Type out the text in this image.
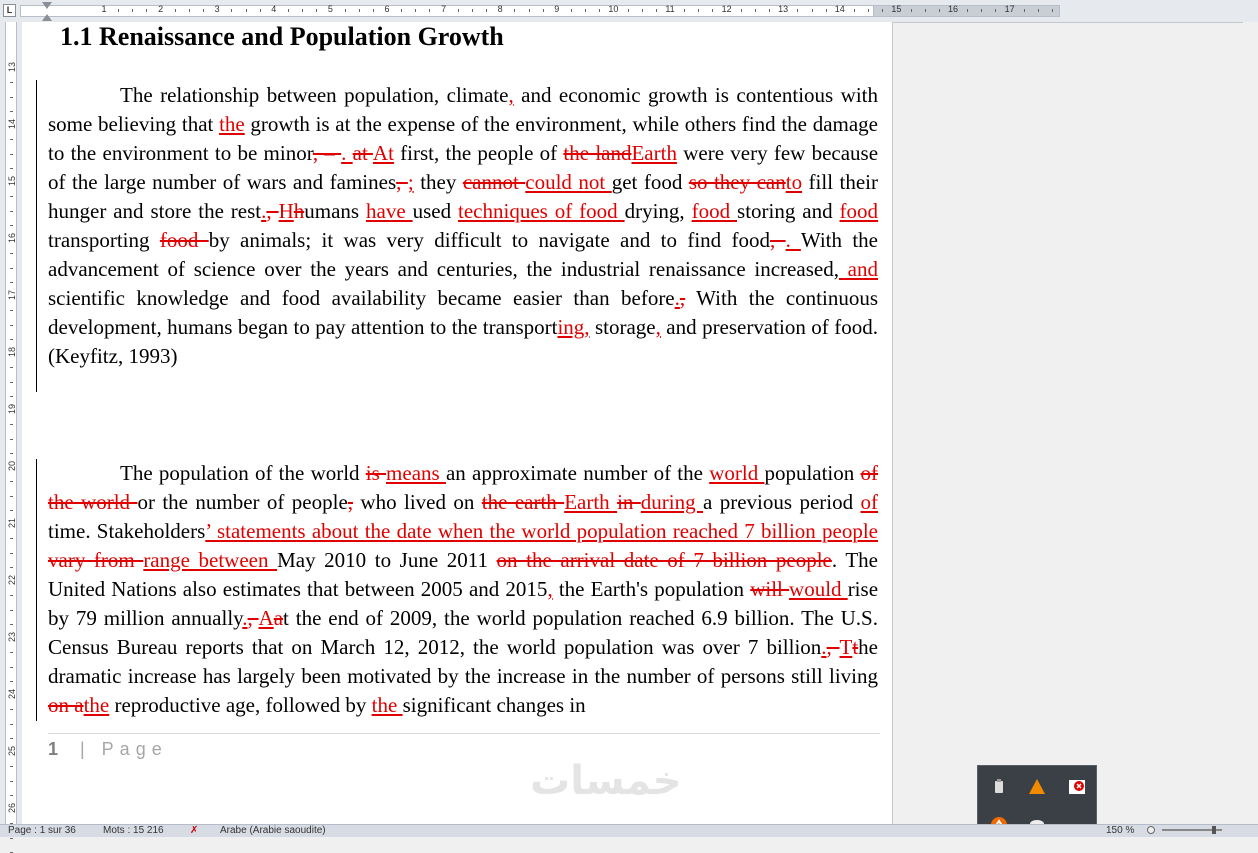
L	1	2	3	4	5	6	7	8	9	10	11	12	13	14	15	16	17
13
14
15
16
17
18
19
20
21
22
23
24
25
26
1.1 Renaissance and Population Growth

The relationship between population, climate, and economic growth is contentious with some believing that the growth is at the expense of the environment, while others find the damage to the environment to be minor, – . at At first, the people of the landEarth were very few because of the large number of wars and famines, ; they cannot could not get food so they canto fill their hunger and store the rest., Hhumans have used techniques of food drying, food storing and food transporting food by animals; it was very difficult to navigate and to find food, . With the advancement of science over the years and centuries, the industrial renaissance increased, and scientific knowledge and food availability became easier than before., With the continuous development, humans began to pay attention to the transporting, storage, and preservation of food. (Keyfitz, 1993)

The population of the world is means an approximate number of the world population of the world or the number of people, who lived on the earth Earth in during a previous period of time. Stakeholders’ statements about the date when the world population reached 7 billion people vary from range between May 2010 to June 2011 on the arrival date of 7 billion people. The United Nations also estimates that between 2005 and 2015, the Earth's population will would rise by 79 million annually., Aat the end of 2009, the world population reached 6.9 billion. The U.S. Census Bureau reports that on March 12, 2012, the world population was over 7 billion., Tthe dramatic increase has largely been motivated by the increase in the number of persons still living on athe reproductive age, followed by the significant changes in

1 | Page
خمسات
Page : 1 sur 36	Mots : 15 216	✗ Arabe (Arabie saoudite)	150 %
